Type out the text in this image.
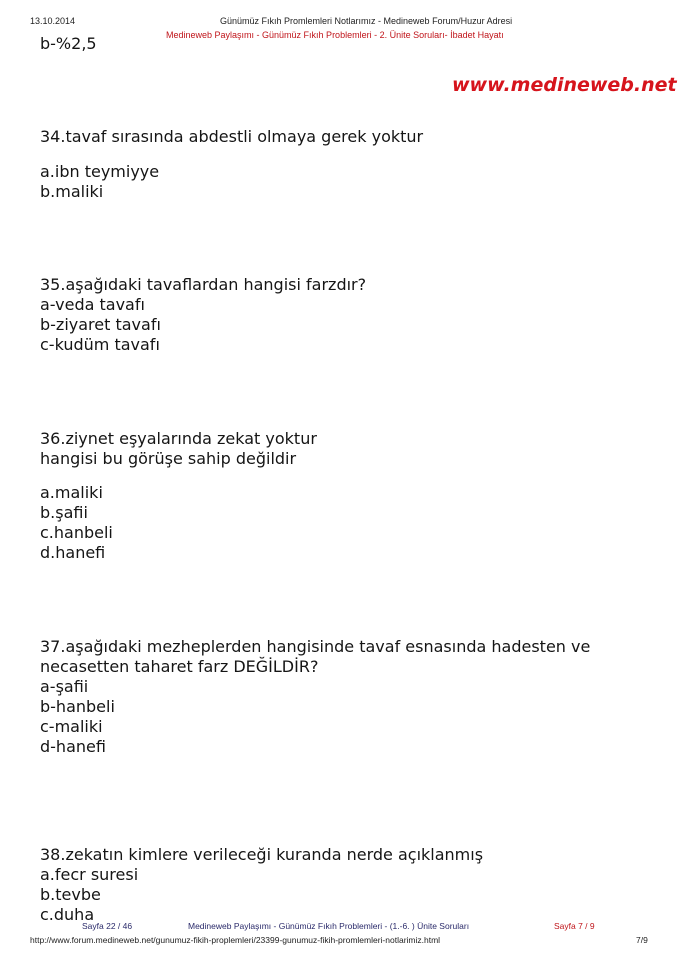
13.10.2014	Günümüz Fıkıh Promlemleri Notlarımız - Medineweb Forum/Huzur Adresi
Medineweb Paylaşımı - Günümüz Fıkıh Problemleri - 2. Ünite Soruları- İbadet Hayatı
b-%2,5
www.medineweb.net
34.tavaf sırasında abdestli olmaya gerek yoktur
a.ibn teymiyye
b.maliki
35.aşağıdaki tavaflardan hangisi farzdır?
a-veda tavafı
b-ziyaret tavafı
c-kudüm tavafı
36.ziynet eşyalarında zekat yoktur
hangisi bu görüşe sahip değildir
a.maliki
b.şafii
c.hanbeli
d.hanefi
37.aşağıdaki mezheplerden hangisinde tavaf esnasında hadesten ve
necasetten taharet farz DEĞİLDİR?
a-şafii
b-hanbeli
c-maliki
d-hanefi
38.zekatın kimlere verileceği kuranda nerde açıklanmış
a.fecr suresi
b.tevbe
c.duha
Sayfa 22 / 46	Medineweb Paylaşımı - Günümüz Fıkıh Problemleri - (1.-6. ) Ünite Soruları	Sayfa 7 / 9
http://www.forum.medineweb.net/gunumuz-fikih-proplemleri/23399-gunumuz-fikih-promlemleri-notlarimiz.html	7/9
